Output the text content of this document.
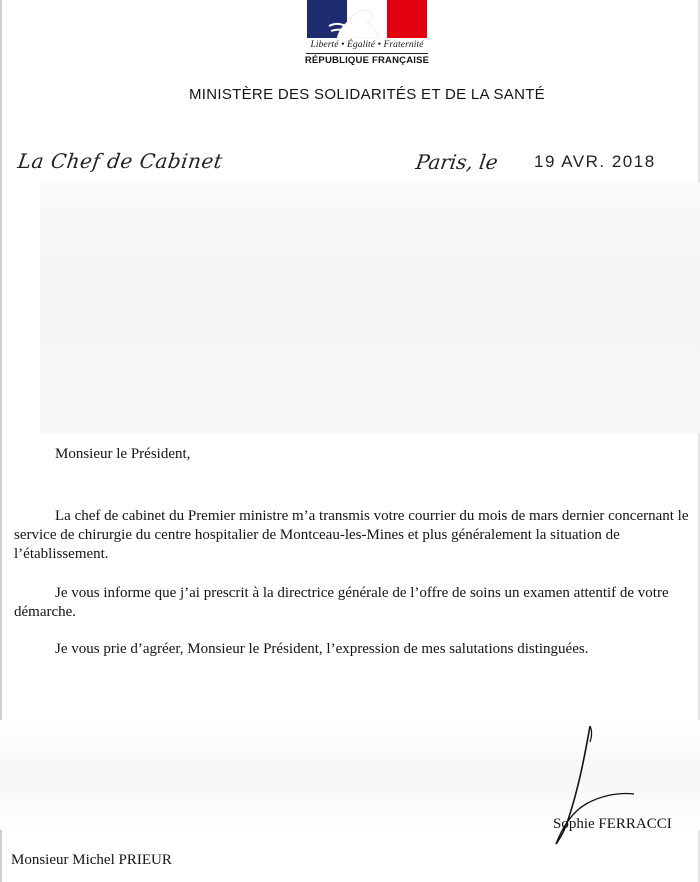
Liberté • Égalité • Fraternité
RÉPUBLIQUE FRANÇAISE
MINISTÈRE DES SOLIDARITÉS ET DE LA SANTÉ
La Chef de Cabinet	Paris, le 19 AVR. 2018
Monsieur le Président,
La chef de cabinet du Premier ministre m’a transmis votre courrier du mois de mars dernier concernant le service de chirurgie du centre hospitalier de Montceau-les-Mines et plus généralement la situation de l’établissement.
Je vous informe que j’ai prescrit à la directrice générale de l’offre de soins un examen attentif de votre démarche.
Je vous prie d’agréer, Monsieur le Président, l’expression de mes salutations distinguées.
Sophie FERRACCI
Monsieur Michel PRIEUR
